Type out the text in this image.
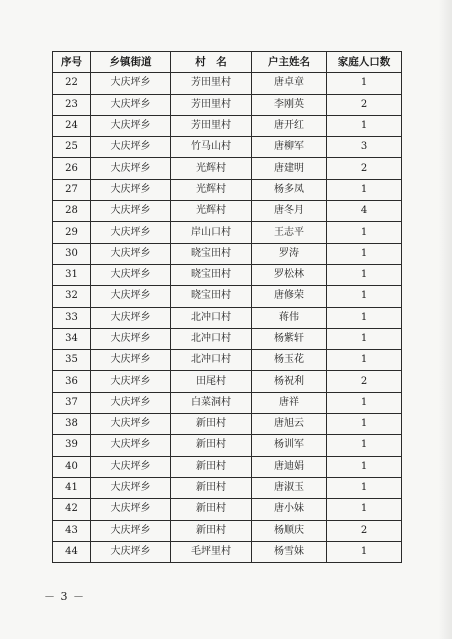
序号	乡镇街道	村　名	户主姓名	家庭人口数
22	大庆坪乡	芳田里村	唐卓章	1
23	大庆坪乡	芳田里村	李刚英	2
24	大庆坪乡	芳田里村	唐开红	1
25	大庆坪乡	竹马山村	唐柳军	3
26	大庆坪乡	光辉村	唐建明	2
27	大庆坪乡	光辉村	杨多凤	1
28	大庆坪乡	光辉村	唐冬月	4
29	大庆坪乡	岸山口村	王志平	1
30	大庆坪乡	晓宝田村	罗涛	1
31	大庆坪乡	晓宝田村	罗松林	1
32	大庆坪乡	晓宝田村	唐修荣	1
33	大庆坪乡	北冲口村	蒋伟	1
34	大庆坪乡	北冲口村	杨紫轩	1
35	大庆坪乡	北冲口村	杨玉花	1
36	大庆坪乡	田尾村	杨祝利	2
37	大庆坪乡	白菜洞村	唐祥	1
38	大庆坪乡	新田村	唐旭云	1
39	大庆坪乡	新田村	杨训军	1
40	大庆坪乡	新田村	唐迪娟	1
41	大庆坪乡	新田村	唐淑玉	1
42	大庆坪乡	新田村	唐小妹	1
43	大庆坪乡	新田村	杨顺庆	2
44	大庆坪乡	毛坪里村	杨雪妹	1
－ 3 －
